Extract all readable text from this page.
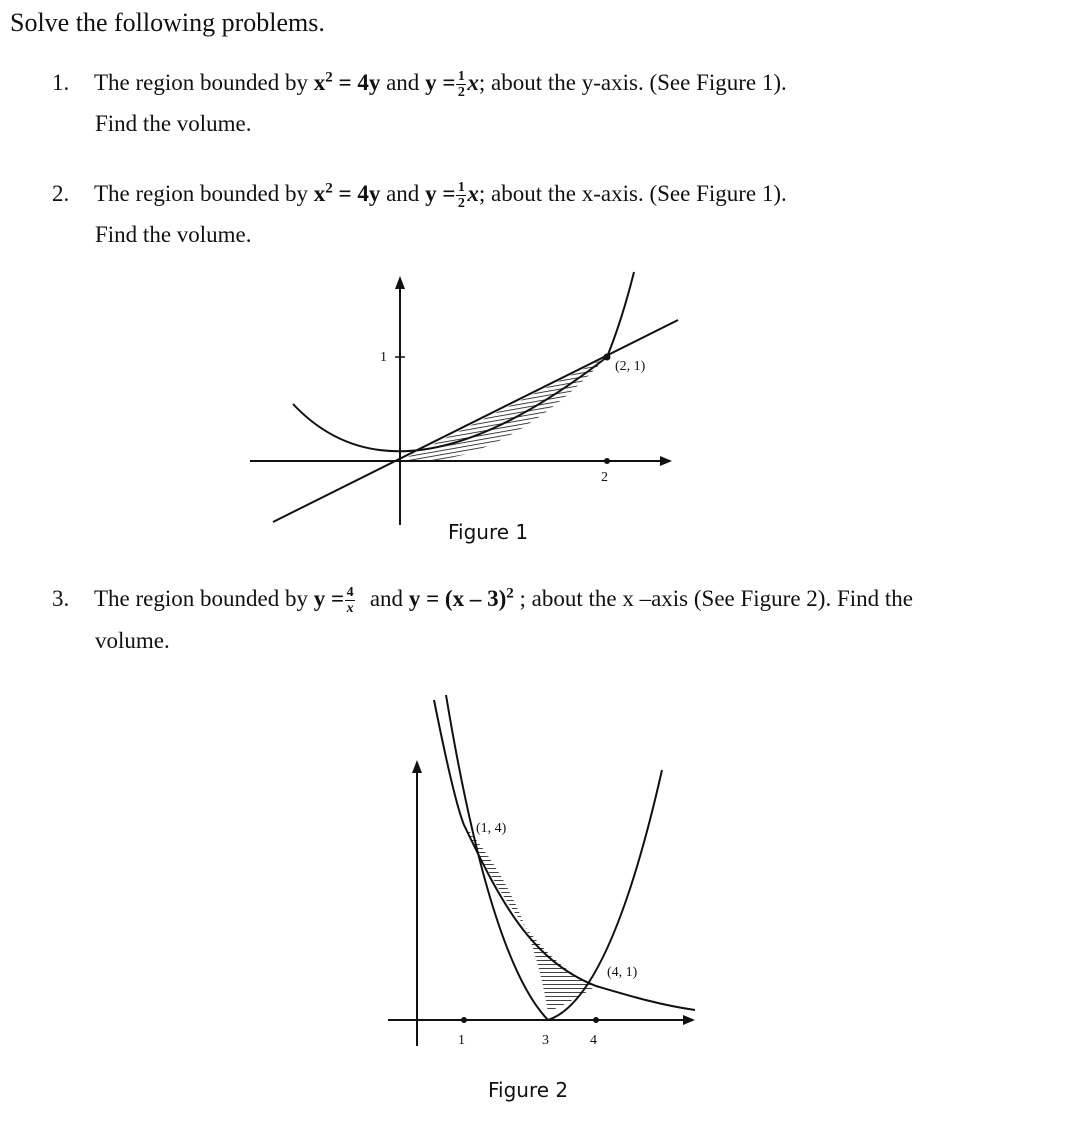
Solve the following problems.
1. The region bounded by $x^2 = 4y$ and $y = \frac{1}{2} x$; about the y-axis. (See Figure 1).
Find the volume.
2. The region bounded by $x^2 = 4y$ and $y = \frac{1}{2} x$; about the x-axis. (See Figure 1).
Find the volume.
1
(2, 1)
2
1	3	4
(1, 4)
(4, 1)
Figure 1
3. The region bounded by $y = \frac{4}{x}$ and y = (x – 3)$^2$ ; about the x –axis (See Figure 2). Find the
volume.
Figure 2
